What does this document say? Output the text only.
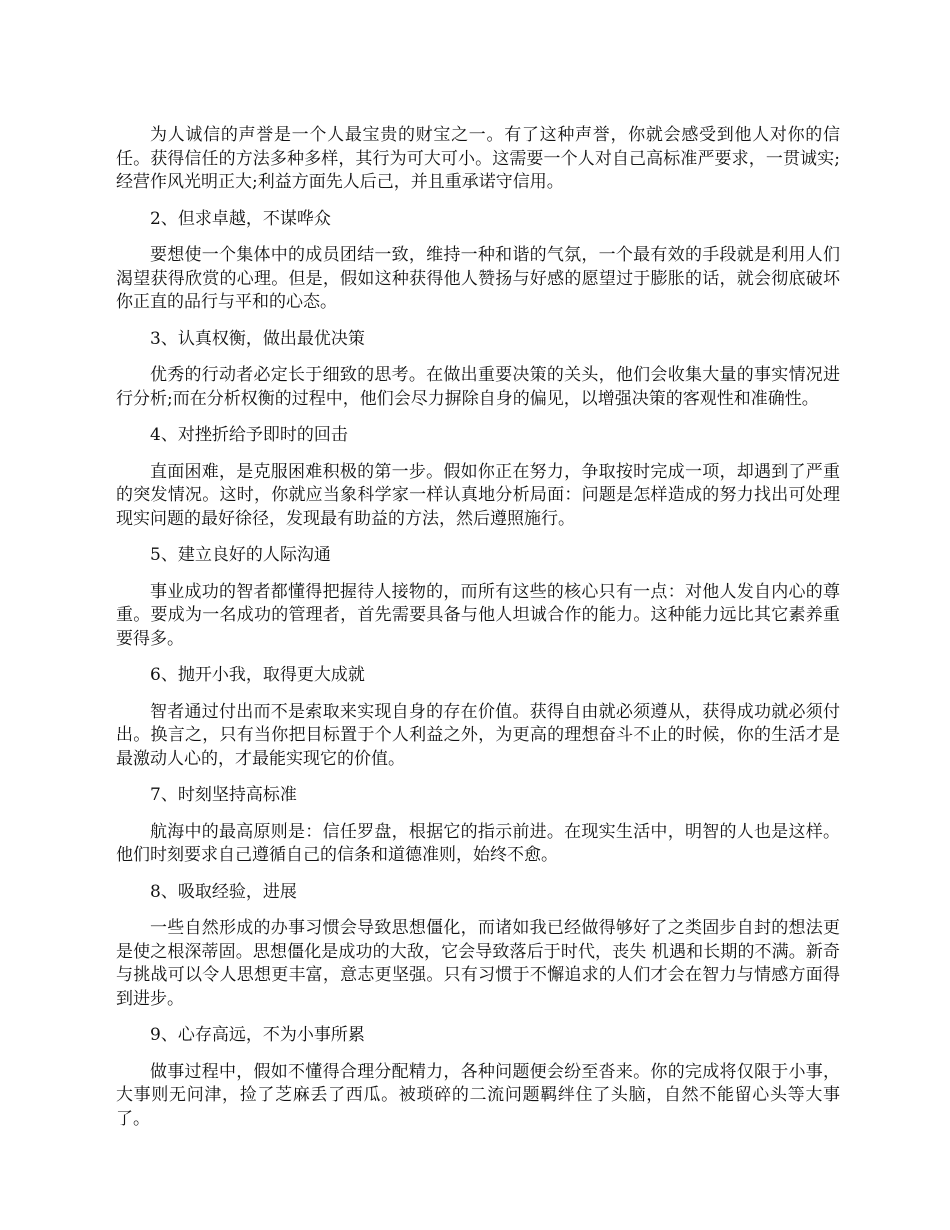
为人诚信的声誉是一个人最宝贵的财宝之一。有了这种声誉，你就会感受到他人对你的信任。获得信任的方法多种多样，其行为可大可小。这需要一个人对自己高标准严要求，一贯诚实;经营作风光明正大;利益方面先人后己，并且重承诺守信用。

2、但求卓越，不谋哗众

要想使一个集体中的成员团结一致，维持一种和谐的气氛，一个最有效的手段就是利用人们渴望获得欣赏的心理。但是，假如这种获得他人赞扬与好感的愿望过于膨胀的话，就会彻底破坏你正直的品行与平和的心态。

3、认真权衡，做出最优决策

优秀的行动者必定长于细致的思考。在做出重要决策的关头，他们会收集大量的事实情况进行分析;而在分析权衡的过程中，他们会尽力摒除自身的偏见，以增强决策的客观性和准确性。

4、对挫折给予即时的回击

直面困难，是克服困难积极的第一步。假如你正在努力，争取按时完成一项，却遇到了严重的突发情况。这时，你就应当象科学家一样认真地分析局面：问题是怎样造成的努力找出可处理现实问题的最好徐径，发现最有助益的方法，然后遵照施行。

5、建立良好的人际沟通

事业成功的智者都懂得把握待人接物的，而所有这些的核心只有一点：对他人发自内心的尊重。要成为一名成功的管理者，首先需要具备与他人坦诚合作的能力。这种能力远比其它素养重要得多。

6、抛开小我，取得更大成就

智者通过付出而不是索取来实现自身的存在价值。获得自由就必须遵从，获得成功就必须付出。换言之，只有当你把目标置于个人利益之外，为更高的理想奋斗不止的时候，你的生活才是最激动人心的，才最能实现它的价值。

7、时刻坚持高标准

航海中的最高原则是：信任罗盘，根据它的指示前进。在现实生活中，明智的人也是这样。他们时刻要求自己遵循自己的信条和道德准则，始终不愈。

8、吸取经验，进展

一些自然形成的办事习惯会导致思想僵化，而诸如我已经做得够好了之类固步自封的想法更是使之根深蒂固。思想僵化是成功的大敌，它会导致落后于时代，丧失 机遇和长期的不满。新奇与挑战可以令人思想更丰富，意志更坚强。只有习惯于不懈追求的人们才会在智力与情感方面得到进步。

9、心存高远，不为小事所累

做事过程中，假如不懂得合理分配精力，各种问题便会纷至沓来。你的完成将仅限于小事，大事则无问津，捡了芝麻丢了西瓜。被琐碎的二流问题羁绊住了头脑，自然不能留心头等大事了。
